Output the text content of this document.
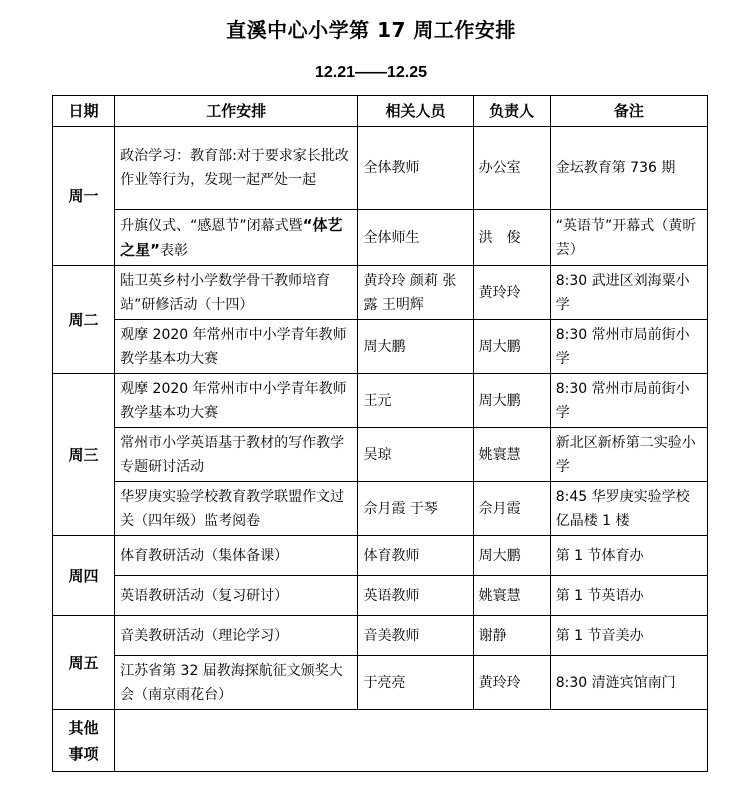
直溪中心小学第 17 周工作安排
12.21——12.25
日期	工作安排	相关人员	负责人	备注
周一	政治学习：教育部:对于要求家长批改作业等行为，发现一起严处一起	全体教师	办公室	金坛教育第 736 期
	升旗仪式、“感恩节”闭幕式暨“体艺之星”表彰	全体师生	洪　俊	“英语节”开幕式（黄昕芸）
周二	陆卫英乡村小学数学骨干教师培育站”研修活动（十四）	黄玲玲 颜莉 张露 王明辉	黄玲玲	8:30 武进区刘海粟小学
	观摩 2020 年常州市中小学青年教师教学基本功大赛	周大鹏	周大鹏	8:30 常州市局前街小学
周三	观摩 2020 年常州市中小学青年教师教学基本功大赛	王元	周大鹏	8:30 常州市局前街小学
	常州市小学英语基于教材的写作教学专题研讨活动	吴琼	姚寰慧	新北区新桥第二实验小学
	华罗庚实验学校教育教学联盟作文过关（四年级）监考阅卷	佘月霞 于琴	佘月霞	8:45 华罗庚实验学校亿晶楼 1 楼
周四	体育教研活动（集体备课）	体育教师	周大鹏	第 1 节体育办
	英语教研活动（复习研讨）	英语教师	姚寰慧	第 1 节英语办
周五	音美教研活动（理论学习）	音美教师	谢静	第 1 节音美办
	江苏省第 32 届教海探航征文颁奖大会（南京雨花台）	于亮亮	黄玲玲	8:30 清涟宾馆南门
其他
事项				
